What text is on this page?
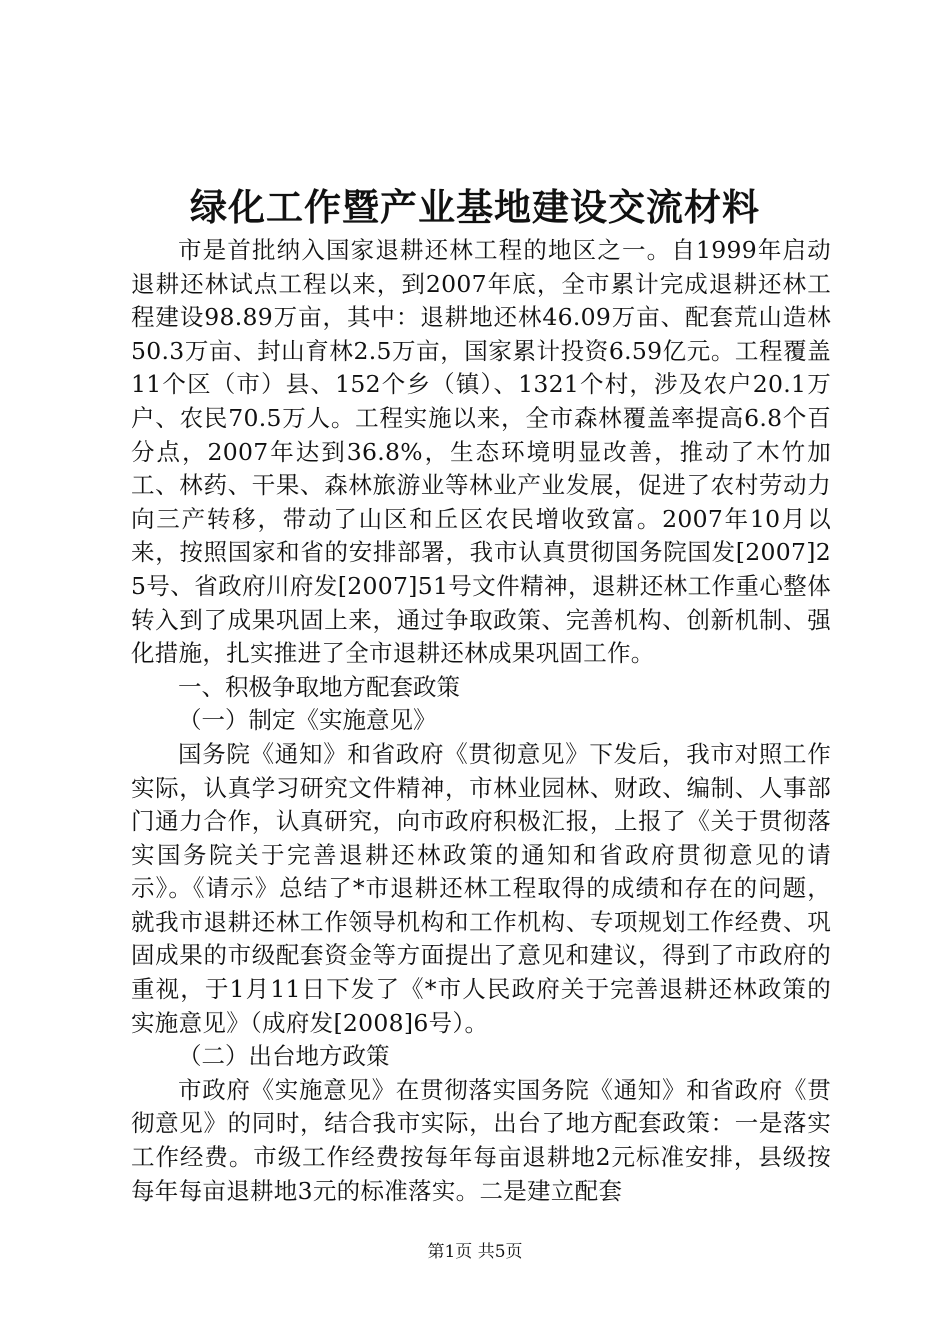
绿化工作暨产业基地建设交流材料

市是首批纳入国家退耕还林工程的地区之一。自1999年启动退耕还林试点工程以来，到2007年底，全市累计完成退耕还林工程建设98.89万亩，其中：退耕地还林46.09万亩、配套荒山造林50.3万亩、封山育林2.5万亩，国家累计投资6.59亿元。工程覆盖11个区（市）县、152个乡（镇）、1321个村，涉及农户20.1万户、农民70.5万人。工程实施以来，全市森林覆盖率提高6.8个百分点，2007年达到36.8%，生态环境明显改善，推动了木竹加工、林药、干果、森林旅游业等林业产业发展，促进了农村劳动力向三产转移，带动了山区和丘区农民增收致富。2007年10月以来，按照国家和省的安排部署，我市认真贯彻国务院国发[2007]25号、省政府川府发[2007]51号文件精神，退耕还林工作重心整体转入到了成果巩固上来，通过争取政策、完善机构、创新机制、强化措施，扎实推进了全市退耕还林成果巩固工作。

一、积极争取地方配套政策

（一）制定《实施意见》

国务院《通知》和省政府《贯彻意见》下发后，我市对照工作实际，认真学习研究文件精神，市林业园林、财政、编制、人事部门通力合作，认真研究，向市政府积极汇报，上报了《关于贯彻落实国务院关于完善退耕还林政策的通知和省政府贯彻意见的请示》。《请示》总结了*市退耕还林工程取得的成绩和存在的问题，就我市退耕还林工作领导机构和工作机构、专项规划工作经费、巩固成果的市级配套资金等方面提出了意见和建议，得到了市政府的重视，于1月11日下发了《*市人民政府关于完善退耕还林政策的实施意见》（成府发[2008]6号）。

（二）出台地方政策

市政府《实施意见》在贯彻落实国务院《通知》和省政府《贯彻意见》的同时，结合我市实际，出台了地方配套政策：一是落实工作经费。市级工作经费按每年每亩退耕地2元标准安排，县级按每年每亩退耕地3元的标准落实。二是建立配套

第1页 共5页
